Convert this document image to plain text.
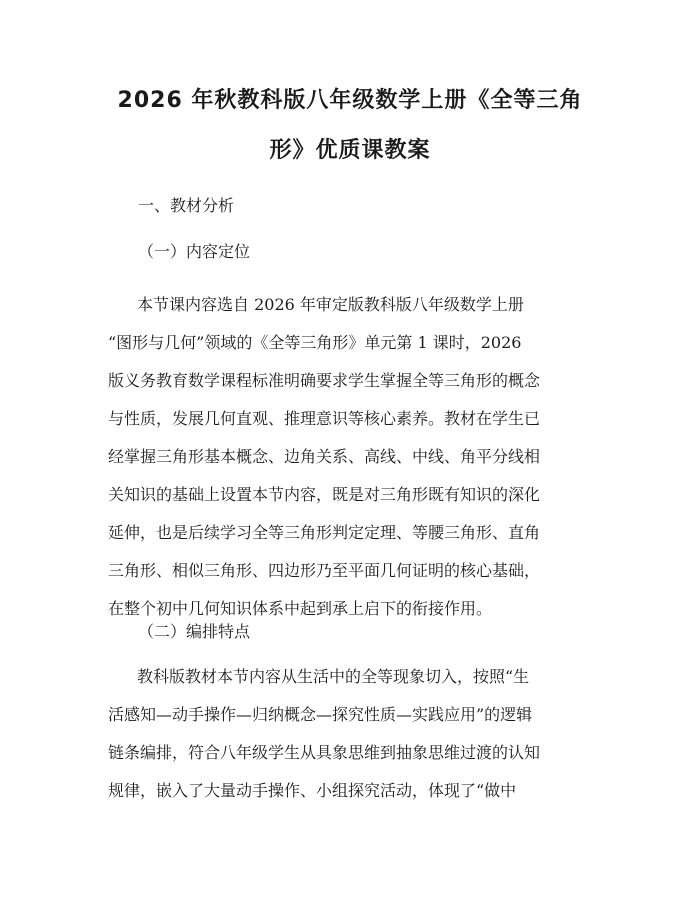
2026 年秋教科版八年级数学上册《全等三角
形》优质课教案

一、教材分析

（一）内容定位

本节课内容选自 2026 年审定版教科版八年级数学上册
“图形与几何”领域的《全等三角形》单元第 1 课时，2026
版义务教育数学课程标准明确要求学生掌握全等三角形的概念
与性质，发展几何直观、推理意识等核心素养。教材在学生已
经掌握三角形基本概念、边角关系、高线、中线、角平分线相
关知识的基础上设置本节内容，既是对三角形既有知识的深化
延伸，也是后续学习全等三角形判定定理、等腰三角形、直角
三角形、相似三角形、四边形乃至平面几何证明的核心基础，
在整个初中几何知识体系中起到承上启下的衔接作用。

（二）编排特点

教科版教材本节内容从生活中的全等现象切入，按照“生
活感知—动手操作—归纳概念—探究性质—实践应用”的逻辑
链条编排，符合八年级学生从具象思维到抽象思维过渡的认知
规律，嵌入了大量动手操作、小组探究活动，体现了“做中
